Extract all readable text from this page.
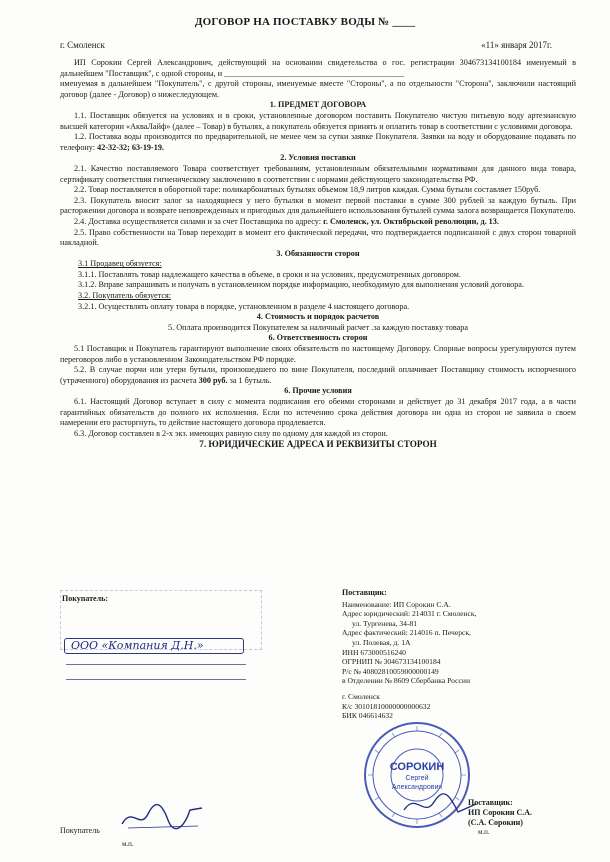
ДОГОВОР НА ПОСТАВКУ ВОДЫ № ____
г. Смоленск	«11» января 2017г.

ИП Сорокин Сергей Александрович, действующий на основании свидетельства о гос. регистрации 304673134100184 именуемый в дальнейшем "Поставщик", с одной стороны, и ____________________________________________

именуемая в дальнейшем "Покупатель", с другой стороны, именуемые вместе "Стороны", а по отдельности "Сторона", заключили настоящий договор (далее - Договор) о нижеследующем.

1. ПРЕДМЕТ ДОГОВОРА

1.1. Поставщик обязуется на условиях и в сроки, установленные договором поставить Покупателю чистую питьевую воду артезианскую высшей категории «АкваЛайф» (далее – Товар) в бутылях, а покупатель обязуется принять и оплатить товар в соответствии с условиями договора.

1.2. Поставка воды производится по предварительной, не менее чем за сутки заявке Покупателя. Заявки на воду и оборудование подавать по телефону: 42-32-32; 63-19-19.

2. Условия поставки

2.1. Качество поставляемого Товара соответствует требованиям, установленным обязательными нормативами для данного вида товара, сертификату соответствия гигиеническому заключению в соответствии с нормами действующего законодательства РФ.

2.2. Товар поставляется в оборотной таре: поликарбонатных бутылях объемом 18,9 литров каждая. Сумма бутыли составляет 150руб.

2.3. Покупатель вносит залог за находящиеся у него бутылки в момент первой поставки в сумме 300 рублей за каждую бутыль. При расторжении договора и возврате неповрежденных и пригодных для дальнейшего использования бутылей сумма залога возвращается Покупателю.

2.4. Доставка осуществляется силами и за счет Поставщика по адресу: г. Смоленск, ул. Октябрьской революции, д. 13.

2.5. Право собственности на Товар переходит в момент его фактической передачи, что подтверждается подписанной с двух сторон товарной накладной.

3. Обязанности сторон

3.1 Продавец обязуется:

3.1.1. Поставлять товар надлежащего качества в объеме, в сроки и на условиях, предусмотренных договором.

3.1.2. Вправе запрашивать и получать в установленном порядке информацию, необходимую для выполнения условий договора.

3.2. Покупатель обязуется:

3.2.1. Осуществлять оплату товара в порядке, установленном в разделе 4 настоящего договора.

4. Стоимость и порядок расчетов

5. Оплата производится Покупателем за наличный расчет .за каждую поставку товара

6. Ответственность сторон

5.1 Поставщик и Покупатель гарантируют выполнение своих обязательств по настоящему Договору. Спорные вопросы урегулируются путем переговоров либо в установленном Законодательством РФ порядке.

5.2. В случае порчи или утери бутыли, произошедшего по вине Покупателя, последний оплачивает Поставщику стоимость испорченного (утраченного) оборудования из расчета 300 руб. за 1 бутыль.

6. Прочие условия

6.1. Настоящий Договор вступает в силу с момента подписания его обеими сторонами и действует до 31 декабря 2017 года, а в части гарантийных обязательств до полного их исполнения. Если по истечению срока действия договора ни одна из сторон не заявила о своем намерении его расторгнуть, то действие настоящего договора продлевается.

6.3. Договор составлен в 2-х экз. имеющих равную силу по одному для каждой из сторон.

7. ЮРИДИЧЕСКИЕ АДРЕСА И РЕКВИЗИТЫ СТОРОН

Покупатель:
ООО «Компания Д.Н.»
Покупатель
м.п.
Поставщик:
Наименование: ИП Сорокин С.А.
Адрес юридический: 214031 г. Смоленск,
ул. Тургенева, 34-81
Адрес фактический: 214016 п. Печерск,
ул. Полевая, д. 1А
ИНН 673000516240
ОГРНИП № 304673134100184
Р/с № 40802810059000000149
в Отделении № 8609 Сбербанка России
г. Смоленск
К/с 30101810000000000632
БИК 046614632
СОРОКИН
Сергей
Александрович
Поставщик:
ИП Сорокин С.А.
(С.А. Сорокин)
м.п.
